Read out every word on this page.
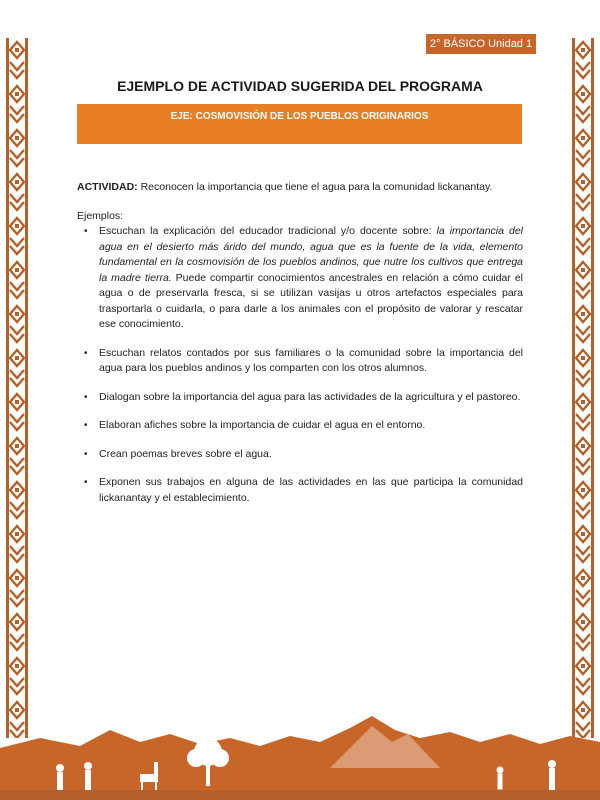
2° BÁSICO Unidad 1
EJEMPLO DE ACTIVIDAD SUGERIDA DEL PROGRAMA
EJE: COSMOVISIÓN DE LOS PUEBLOS ORIGINARIOS
ACTIVIDAD: Reconocen la importancia que tiene el agua para la comunidad lickanantay.
Ejemplos:
• Escuchan la explicación del educador tradicional y/o docente sobre: la importancia del agua en el desierto más árido del mundo, agua que es la fuente de la vida, elemento fundamental en la cosmovisión de los pueblos andinos, que nutre los cultivos que entrega la madre tierra. Puede compartir conocimientos ancestrales en relación a cómo cuidar el agua o de preservarla fresca, si se utilizan vasijas u otros artefactos especiales para trasportarla o cuidarla, o para darle a los animales con el propósito de valorar y rescatar ese conocimiento.
• Escuchan relatos contados por sus familiares o la comunidad sobre la importancia del agua para los pueblos andinos y los comparten con los otros alumnos.
• Dialogan sobre la importancia del agua para las actividades de la agricultura y el pastoreo.
• Elaboran afiches sobre la importancia de cuidar el agua en el entorno.
• Crean poemas breves sobre el agua.
• Exponen sus trabajos en alguna de las actividades en las que participa la comunidad lickanantay y el establecimiento.
